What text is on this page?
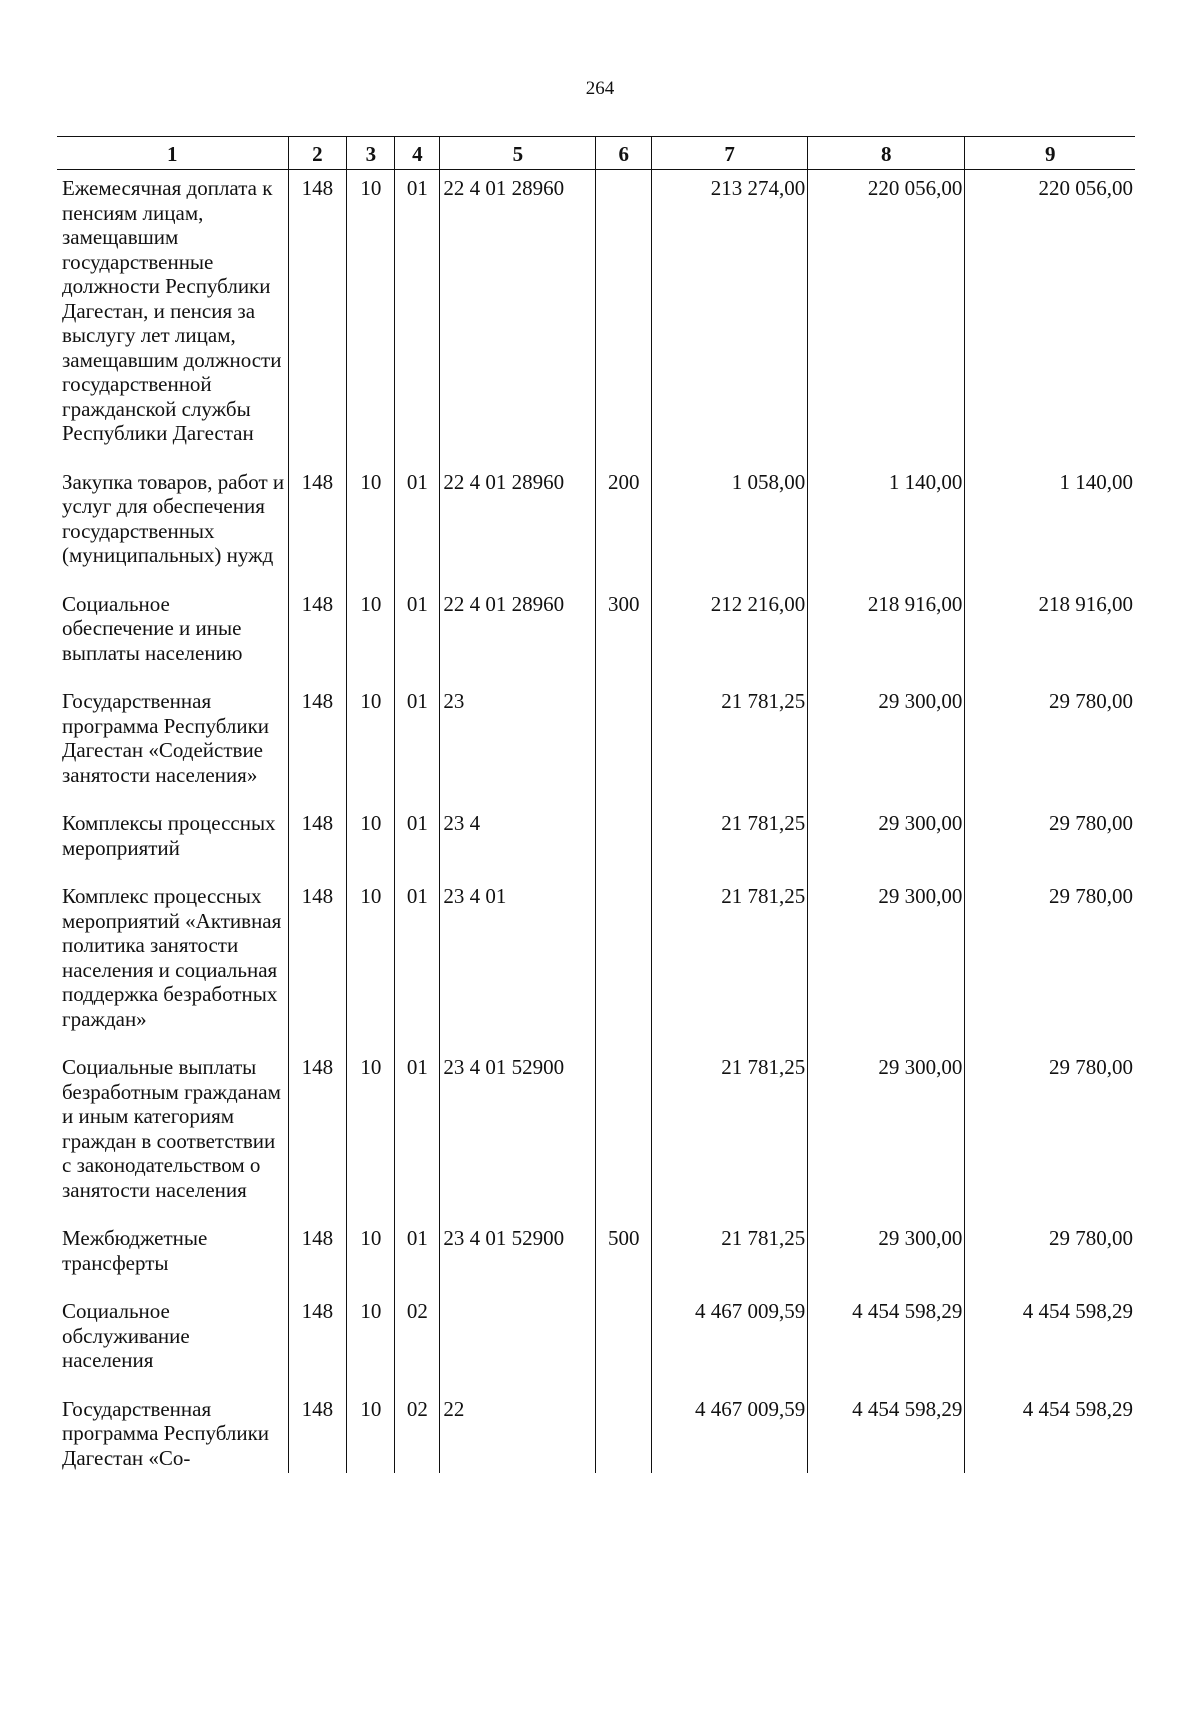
264
1	2	3	4	5	6	7	8	9
Ежемесячная доплата к пенсиям лицам, замещавшим государственные должности Республики Дагестан, и пенсия за выслугу лет лицам, замещавшим должности государственной гражданской службы Республики Дагестан	148	10	01	22 4 01 28960		213 274,00	220 056,00	220 056,00
Закупка товаров, работ и услуг для обеспечения государственных (муниципальных) нужд	148	10	01	22 4 01 28960	200	1 058,00	1 140,00	1 140,00
Социальное обеспечение и иные выплаты населению	148	10	01	22 4 01 28960	300	212 216,00	218 916,00	218 916,00
Государственная программа Республики Дагестан «Содействие занятости населения»	148	10	01	23		21 781,25	29 300,00	29 780,00
Комплексы процессных мероприятий	148	10	01	23 4		21 781,25	29 300,00	29 780,00
Комплекс процессных мероприятий «Активная политика занятости населения и социальная поддержка безработных граждан»	148	10	01	23 4 01		21 781,25	29 300,00	29 780,00
Социальные выплаты безработным гражданам и иным категориям граждан в соответствии с законодательством о занятости населения	148	10	01	23 4 01 52900		21 781,25	29 300,00	29 780,00
Межбюджетные трансферты	148	10	01	23 4 01 52900	500	21 781,25	29 300,00	29 780,00
Социальное обслуживание населения	148	10	02			4 467 009,59	4 454 598,29	4 454 598,29
Государственная программа Республики Дагестан «Со-	148	10	02	22		4 467 009,59	4 454 598,29	4 454 598,29
